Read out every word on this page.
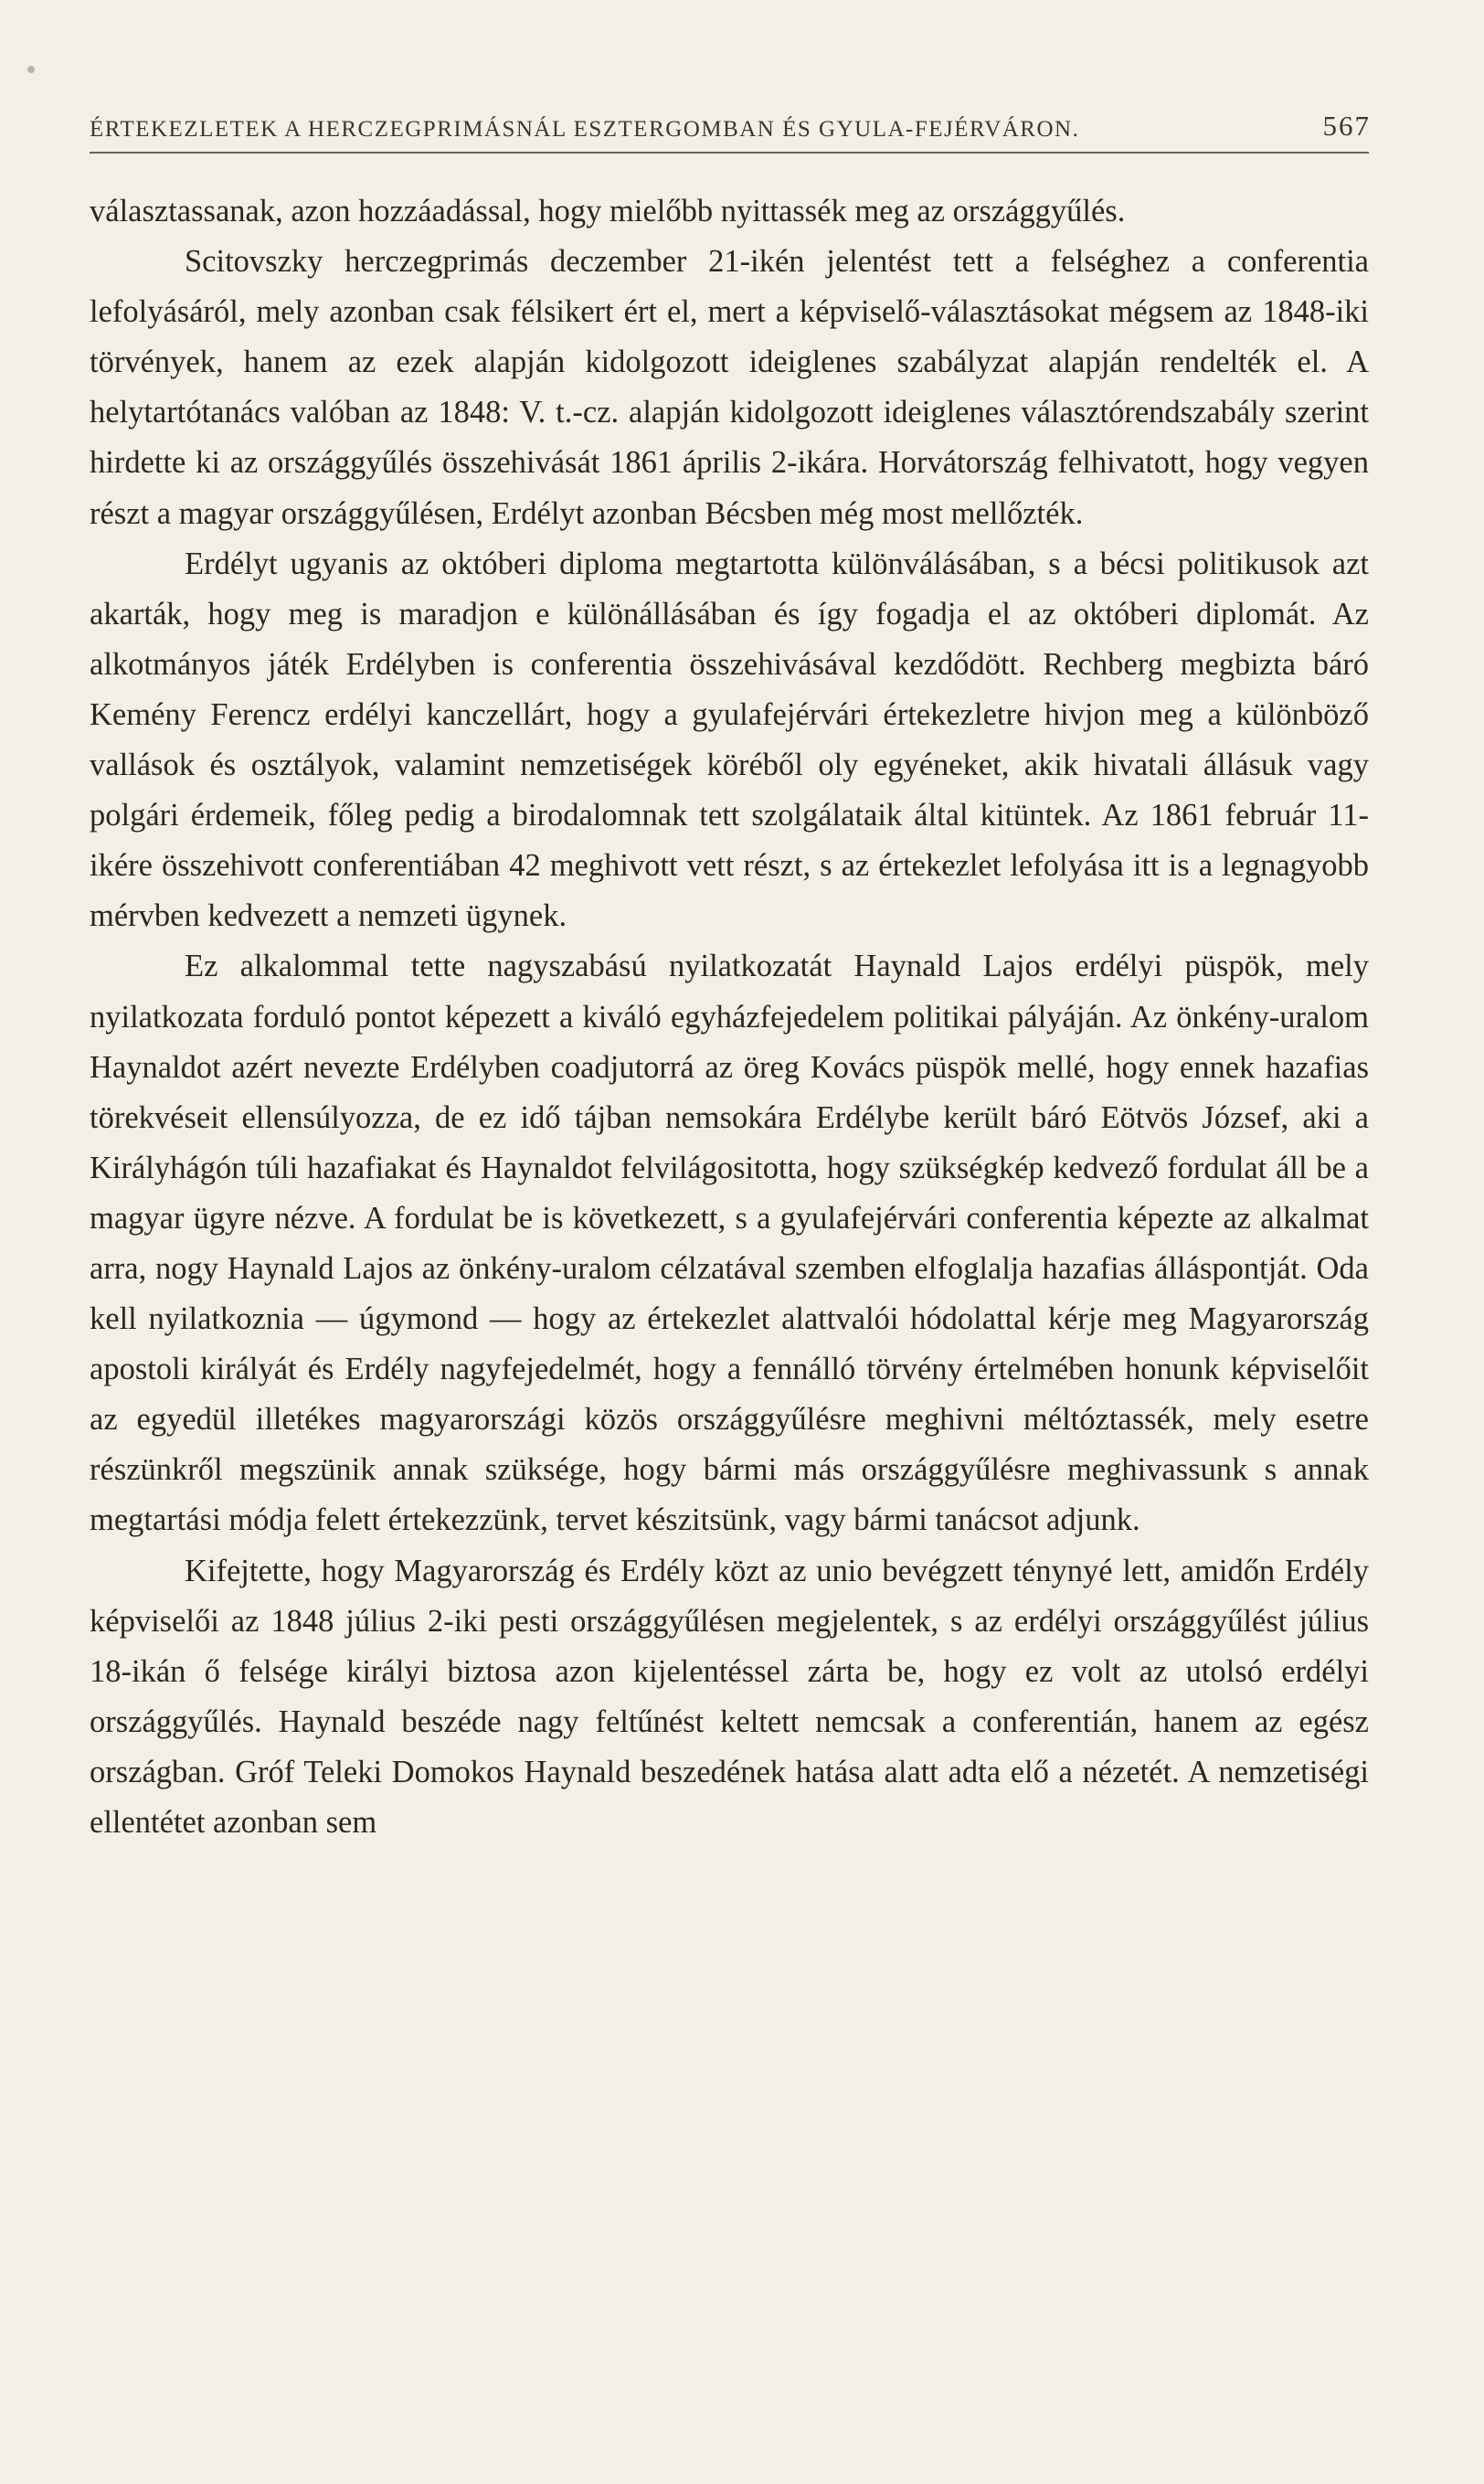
ÉRTEKEZLETEK A HERCZEGPRIMÁSNÁL ESZTERGOMBAN ÉS GYULA-FEJÉRVÁRON.	567

választassanak, azon hozzáadással, hogy mielőbb nyittassék meg az országgyűlés.

Scitovszky herczegprimás deczember 21-ikén jelentést tett a felséghez a conferentia lefolyásáról, mely azonban csak félsikert ért el, mert a képviselő-választásokat mégsem az 1848-iki törvények, hanem az ezek alapján kidolgozott ideiglenes szabályzat alapján rendelték el. A helytartótanács valóban az 1848: V. t.-cz. alapján kidolgozott ideiglenes választórendszabály szerint hirdette ki az országgyűlés összehivását 1861 április 2-ikára. Horvátország felhivatott, hogy vegyen részt a magyar országgyűlésen, Erdélyt azonban Bécsben még most mellőzték.

Erdélyt ugyanis az októberi diploma megtartotta különválásában, s a bécsi politikusok azt akarták, hogy meg is maradjon e különállásában és így fogadja el az októberi diplomát. Az alkotmányos játék Erdélyben is conferentia összehivásával kezdődött. Rechberg megbizta báró Kemény Ferencz erdélyi kanczellárt, hogy a gyulafejérvári értekezletre hivjon meg a különböző vallások és osztályok, valamint nemzetiségek köréből oly egyéneket, akik hivatali állásuk vagy polgári érdemeik, főleg pedig a birodalomnak tett szolgálataik által kitüntek. Az 1861 február 11-ikére összehivott conferentiában 42 meghivott vett részt, s az értekezlet lefolyása itt is a legnagyobb mérvben kedvezett a nemzeti ügynek.

Ez alkalommal tette nagyszabású nyilatkozatát Haynald Lajos erdélyi püspök, mely nyilatkozata forduló pontot képezett a kiváló egyházfejedelem politikai pályáján. Az önkény-uralom Haynaldot azért nevezte Erdélyben coadjutorrá az öreg Kovács püspök mellé, hogy ennek hazafias törekvéseit ellensúlyozza, de ez idő tájban nemsokára Erdélybe került báró Eötvös József, aki a Királyhágón túli hazafiakat és Haynaldot felvilágositotta, hogy szükségkép kedvező fordulat áll be a magyar ügyre nézve. A fordulat be is következett, s a gyulafejérvári conferentia képezte az alkalmat arra, nogy Haynald Lajos az önkény-uralom célzatával szemben elfoglalja hazafias álláspontját. Oda kell nyilatkoznia — úgymond — hogy az értekezlet alattvalói hódolattal kérje meg Magyarország apostoli királyát és Erdély nagyfejedelmét, hogy a fennálló törvény értelmében honunk képviselőit az egyedül illetékes magyarországi közös országgyűlésre meghivni méltóztassék, mely esetre részünkről megszünik annak szüksége, hogy bármi más országgyűlésre meghivassunk s annak megtartási módja felett értekezzünk, tervet készitsünk, vagy bármi tanácsot adjunk.

Kifejtette, hogy Magyarország és Erdély közt az unio bevégzett ténynyé lett, amidőn Erdély képviselői az 1848 július 2-iki pesti országgyűlésen megjelentek, s az erdélyi országgyűlést július 18-ikán ő felsége királyi biztosa azon kijelentéssel zárta be, hogy ez volt az utolsó erdélyi országgyűlés. Haynald beszéde nagy feltűnést keltett nemcsak a conferentián, hanem az egész országban. Gróf Teleki Domokos Haynald beszedének hatása alatt adta elő a nézetét. A nemzetiségi ellentétet azonban sem
